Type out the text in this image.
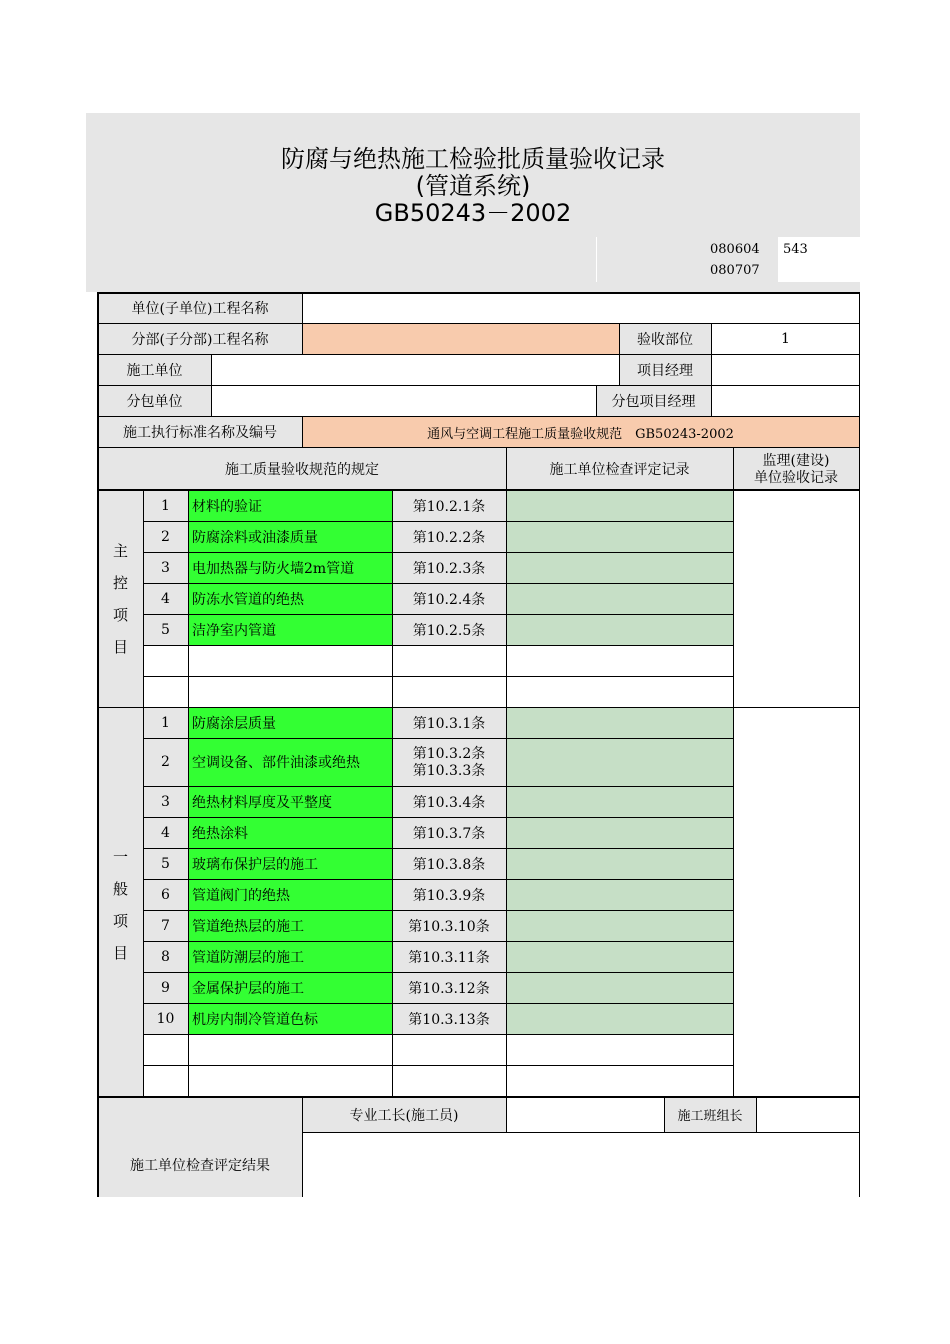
防腐与绝热施工检验批质量验收记录
(管道系统)
GB50243－2002
080604
080707
543
单位(子单位)工程名称
分部(子分部)工程名称	验收部位	1
施工单位	项目经理
分包单位	分包项目经理
施工执行标准名称及编号	通风与空调工程施工质量验收规范　GB50243-2002
施工质量验收规范的规定	施工单位检查评定记录
监理(建设)
单位验收记录
主
控
项
目
1	材料的验证	第10.2.1条
2	防腐涂料或油漆质量	第10.2.2条
3	电加热器与防火墙2m管道	第10.2.3条
4	防冻水管道的绝热	第10.2.4条
5	洁净室内管道	第10.2.5条
一
般
项
目
1	防腐涂层质量	第10.3.1条
2	空调设备、部件油漆或绝热
第10.3.2条
第10.3.3条
3	绝热材料厚度及平整度	第10.3.4条
4	绝热涂料	第10.3.7条
5	玻璃布保护层的施工	第10.3.8条
6	管道阀门的绝热	第10.3.9条
7	管道绝热层的施工	第10.3.10条
8	管道防潮层的施工	第10.3.11条
9	金属保护层的施工	第10.3.12条
10	机房内制冷管道色标	第10.3.13条
专业工长(施工员)	施工班组长
施工单位检查评定结果
